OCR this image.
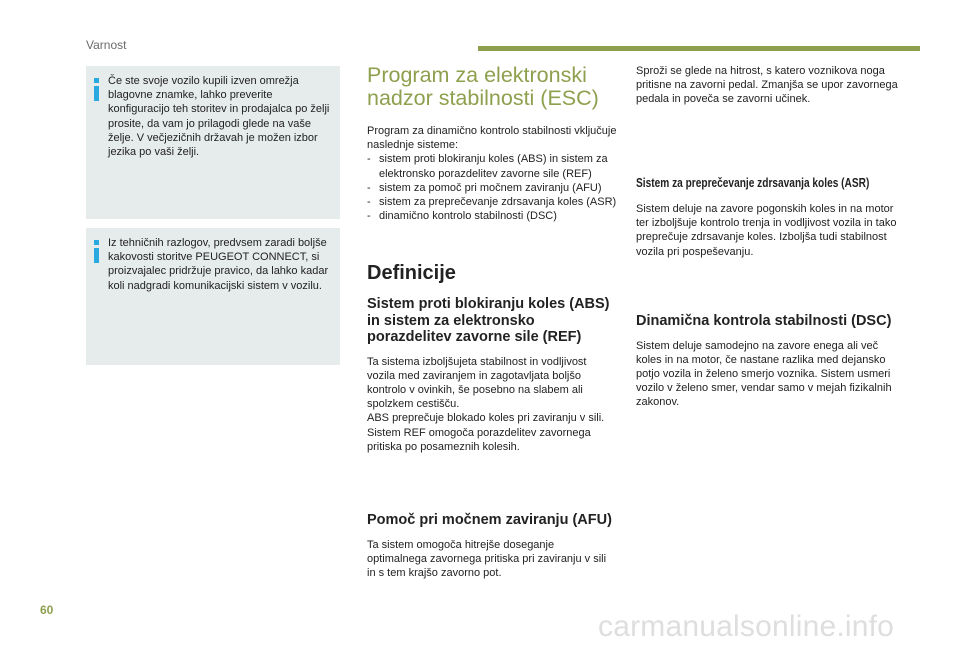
Varnost

Če ste svoje vozilo kupili izven omrežja blagovne znamke, lahko preverite konfiguracijo teh storitev in prodajalca po želji prosite, da vam jo prilagodi glede na vaše želje. V večjezičnih državah je možen izbor jezika po vaši želji.

Iz tehničnih razlogov, predvsem zaradi boljše kakovosti storitve PEUGEOT CONNECT, si proizvajalec pridržuje pravico, da lahko kadar koli nadgradi komunikacijski sistem v vozilu.

Program za elektronski nadzor stabilnosti (ESC)

Program za dinamično kontrolo stabilnosti vključuje naslednje sisteme:

- sistem proti blokiranju koles (ABS) in sistem za elektronsko porazdelitev zavorne sile (REF)
- sistem za pomoč pri močnem zaviranju (AFU)
- sistem za preprečevanje zdrsavanja koles (ASR)
- dinamično kontrolo stabilnosti (DSC)
Definicije
Sistem proti blokiranju koles (ABS) in sistem za elektronsko porazdelitev zavorne sile (REF)

Ta sistema izboljšujeta stabilnost in vodljivost vozila med zaviranjem in zagotavljata boljšo kontrolo v ovinkih, še posebno na slabem ali spolzkem cestišču.

ABS preprečuje blokado koles pri zaviranju v sili.

Sistem REF omogoča porazdelitev zavornega pritiska po posameznih kolesih.

Pomoč pri močnem zaviranju (AFU)

Ta sistem omogoča hitrejše doseganje optimalnega zavornega pritiska pri zaviranju v sili in s tem krajšo zavorno pot.

Sproži se glede na hitrost, s katero voznikova noga pritisne na zavorni pedal. Zmanjša se upor zavornega pedala in poveča se zavorni učinek.

Sistem za preprečevanje zdrsavanja koles (ASR)

Sistem deluje na zavore pogonskih koles in na motor ter izboljšuje kontrolo trenja in vodljivost vozila in tako preprečuje zdrsavanje koles. Izboljša tudi stabilnost vozila pri pospeševanju.

Dinamična kontrola stabilnosti (DSC)

Sistem deluje samodejno na zavore enega ali več koles in na motor, če nastane razlika med dejansko potjo vozila in želeno smerjo voznika. Sistem usmeri vozilo v želeno smer, vendar samo v mejah fizikalnih zakonov.

60	carmanualsonline.info
